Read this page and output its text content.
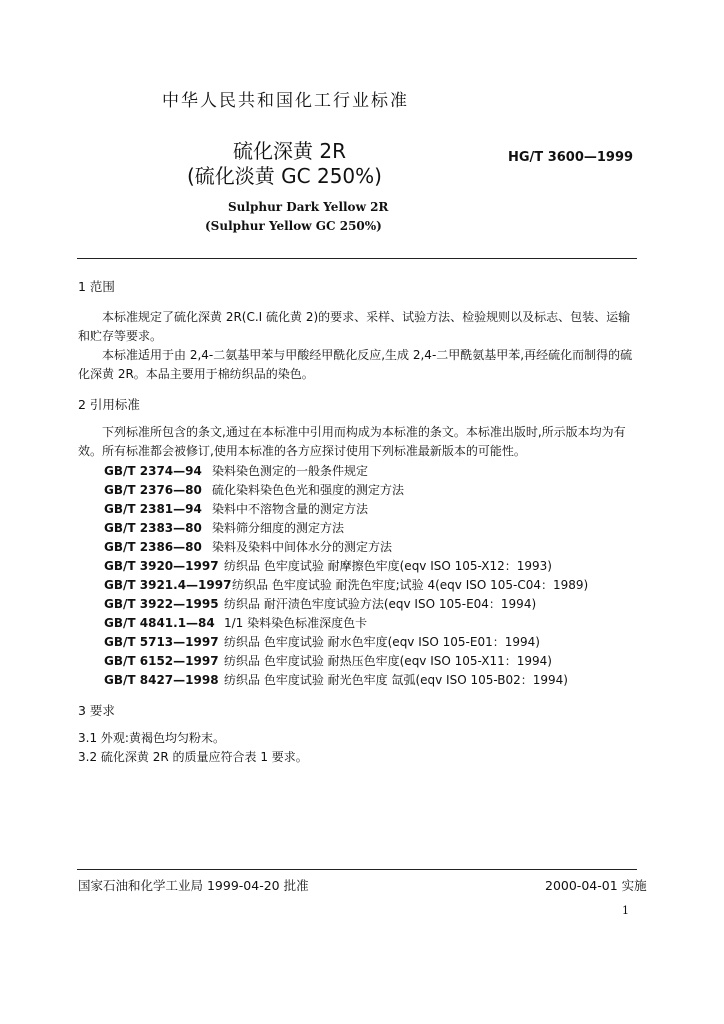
中华人民共和国化工行业标准
硫化深黄 2R
(硫化淡黄 GC 250%)
HG/T 3600—1999
Sulphur Dark Yellow 2R
(Sulphur Yellow GC 250%)
1 范围
本标准规定了硫化深黄 2R(C.I 硫化黄 2)的要求、采样、试验方法、检验规则以及标志、包装、运输和贮存等要求。
本标准适用于由 2,4-二氨基甲苯与甲酸经甲酰化反应,生成 2,4-二甲酰氨基甲苯,再经硫化而制得的硫化深黄 2R。本品主要用于棉纺织品的染色。
2 引用标准
下列标准所包含的条文,通过在本标准中引用而构成为本标准的条文。本标准出版时,所示版本均为有效。所有标准都会被修订,使用本标准的各方应探讨使用下列标准最新版本的可能性。
GB/T 2374—94 染料染色测定的一般条件规定
GB/T 2376—80 硫化染料染色色光和强度的测定方法
GB/T 2381—94 染料中不溶物含量的测定方法
GB/T 2383—80 染料筛分细度的测定方法
GB/T 2386—80 染料及染料中间体水分的测定方法
GB/T 3920—1997 纺织品 色牢度试验 耐摩擦色牢度(eqv ISO 105-X12：1993)
GB/T 3921.4—1997纺织品 色牢度试验 耐洗色牢度;试验 4(eqv ISO 105-C04：1989)
GB/T 3922—1995 纺织品 耐汗渍色牢度试验方法(eqv ISO 105-E04：1994)
GB/T 4841.1—84 1/1 染料染色标准深度色卡
GB/T 5713—1997 纺织品 色牢度试验 耐水色牢度(eqv ISO 105-E01：1994)
GB/T 6152—1997 纺织品 色牢度试验 耐热压色牢度(eqv ISO 105-X11：1994)
GB/T 8427—1998 纺织品 色牢度试验 耐光色牢度 氙弧(eqv ISO 105-B02：1994)
3 要求
3.1 外观:黄褐色均匀粉末。
3.2 硫化深黄 2R 的质量应符合表 1 要求。
国家石油和化学工业局 1999-04-20 批准	2000-04-01 实施
1
